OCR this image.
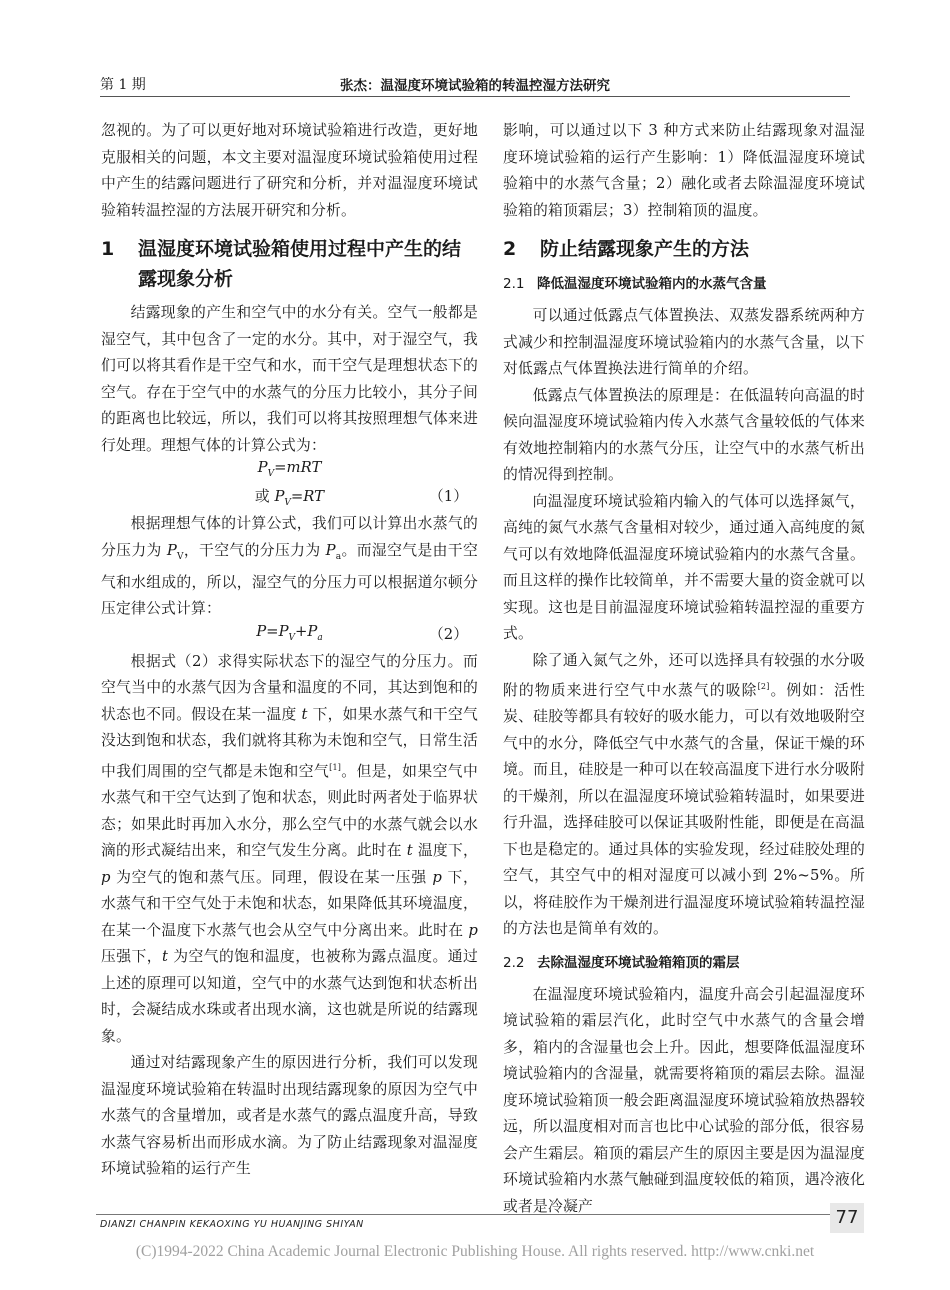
第 1 期	张杰：温湿度环境试验箱的转温控湿方法研究

忽视的。为了可以更好地对环境试验箱进行改造，更好地克服相关的问题，本文主要对温湿度环境试验箱使用过程中产生的结露问题进行了研究和分析，并对温湿度环境试验箱转温控湿的方法展开研究和分析。

1	温湿度环境试验箱使用过程中产生的结露现象分析

结露现象的产生和空气中的水分有关。空气一般都是湿空气，其中包含了一定的水分。其中，对于湿空气，我们可以将其看作是干空气和水，而干空气是理想状态下的空气。存在于空气中的水蒸气的分压力比较小，其分子间的距离也比较远，所以，我们可以将其按照理想气体来进行处理。理想气体的计算公式为：

$P_V=mRT$
或 $P_V=RT$	（1）

根据理想气体的计算公式，我们可以计算出水蒸气的分压力为 $P_V$，干空气的分压力为 $P_a$。而湿空气是由干空气和水组成的，所以，湿空气的分压力可以根据道尔顿分压定律公式计算：

$P=P_V+P_a$	（2）

根据式（2）求得实际状态下的湿空气的分压力。而空气当中的水蒸气因为含量和温度的不同，其达到饱和的状态也不同。假设在某一温度 t 下，如果水蒸气和干空气没达到饱和状态，我们就将其称为未饱和空气，日常生活中我们周围的空气都是未饱和空气[1]。但是，如果空气中水蒸气和干空气达到了饱和状态，则此时两者处于临界状态；如果此时再加入水分，那么空气中的水蒸气就会以水滴的形式凝结出来，和空气发生分离。此时在 t 温度下，p 为空气的饱和蒸气压。同理，假设在某一压强 p 下，水蒸气和干空气处于未饱和状态，如果降低其环境温度，在某一个温度下水蒸气也会从空气中分离出来。此时在 p 压强下，t 为空气的饱和温度，也被称为露点温度。通过上述的原理可以知道，空气中的水蒸气达到饱和状态析出时，会凝结成水珠或者出现水滴，这也就是所说的结露现象。

通过对结露现象产生的原因进行分析，我们可以发现温湿度环境试验箱在转温时出现结露现象的原因为空气中水蒸气的含量增加，或者是水蒸气的露点温度升高，导致水蒸气容易析出而形成水滴。为了防止结露现象对温湿度环境试验箱的运行产生

影响，可以通过以下 3 种方式来防止结露现象对温湿度环境试验箱的运行产生影响：1）降低温湿度环境试验箱中的水蒸气含量；2）融化或者去除温湿度环境试验箱的箱顶霜层；3）控制箱顶的温度。

2	防止结露现象产生的方法
2.1 降低温湿度环境试验箱内的水蒸气含量

可以通过低露点气体置换法、双蒸发器系统两种方式减少和控制温湿度环境试验箱内的水蒸气含量，以下对低露点气体置换法进行简单的介绍。

低露点气体置换法的原理是：在低温转向高温的时候向温湿度环境试验箱内传入水蒸气含量较低的气体来有效地控制箱内的水蒸气分压，让空气中的水蒸气析出的情况得到控制。

向温湿度环境试验箱内输入的气体可以选择氮气，高纯的氮气水蒸气含量相对较少，通过通入高纯度的氮气可以有效地降低温湿度环境试验箱内的水蒸气含量。而且这样的操作比较简单，并不需要大量的资金就可以实现。这也是目前温湿度环境试验箱转温控湿的重要方式。

除了通入氮气之外，还可以选择具有较强的水分吸附的物质来进行空气中水蒸气的吸除[2]。例如：活性炭、硅胶等都具有较好的吸水能力，可以有效地吸附空气中的水分，降低空气中水蒸气的含量，保证干燥的环境。而且，硅胶是一种可以在较高温度下进行水分吸附的干燥剂，所以在温湿度环境试验箱转温时，如果要进行升温，选择硅胶可以保证其吸附性能，即便是在高温下也是稳定的。通过具体的实验发现，经过硅胶处理的空气，其空气中的相对湿度可以减小到 2%~5%。所以，将硅胶作为干燥剂进行温湿度环境试验箱转温控湿的方法也是简单有效的。

2.2 去除温湿度环境试验箱箱顶的霜层

在温湿度环境试验箱内，温度升高会引起温湿度环境试验箱的霜层汽化，此时空气中水蒸气的含量会增多，箱内的含湿量也会上升。因此，想要降低温湿度环境试验箱内的含湿量，就需要将箱顶的霜层去除。温湿度环境试验箱顶一般会距离温湿度环境试验箱放热器较远，所以温度相对而言也比中心试验的部分低，很容易会产生霜层。箱顶的霜层产生的原因主要是因为温湿度环境试验箱内水蒸气触碰到温度较低的箱顶，遇冷液化或者是冷凝产

DIANZI CHANPIN KEKAOXING YU HUANJING SHIYAN	77
(C)1994-2022 China Academic Journal Electronic Publishing House. All rights reserved. http://www.cnki.net
